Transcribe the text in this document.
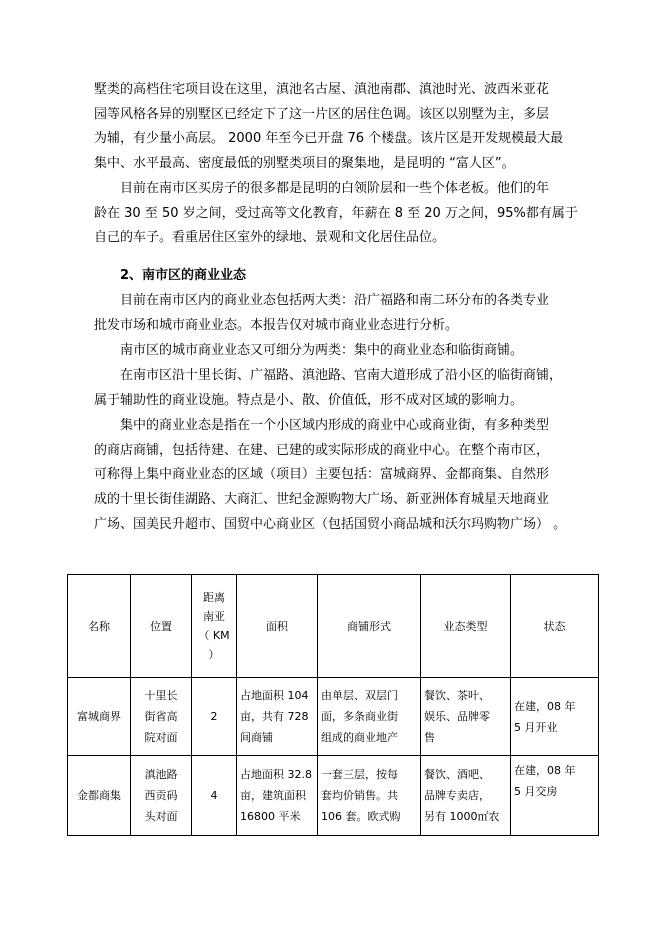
墅类的高档住宅项目设在这里，滇池名古屋、滇池南郡、滇池时光、波西米亚花
园等风格各异的别墅区已经定下了这一片区的居住色调。该区以别墅为主，多层
为辅，有少量小高层。 2000 年至今已开盘 76 个楼盘。该片区是开发规模最大最
集中、水平最高、密度最低的别墅类项目的聚集地，是昆明的 “富人区”。

目前在南市区买房子的很多都是昆明的白领阶层和一些个体老板。他们的年
龄在 30 至 50 岁之间，受过高等文化教育，年薪在 8 至 20 万之间，95%都有属于
自己的车子。看重居住区室外的绿地、景观和文化居住品位。

2、南市区的商业业态

目前在南市区内的商业业态包括两大类：沿广福路和南二环分布的各类专业
批发市场和城市商业业态。本报告仅对城市商业业态进行分析。

南市区的城市商业业态又可细分为两类：集中的商业业态和临街商铺。

在南市区沿十里长街、广福路、滇池路、官南大道形成了沿小区的临街商铺，
属于辅助性的商业设施。特点是小、散、价值低，形不成对区域的影响力。

集中的商业业态是指在一个小区域内形成的商业中心或商业街，有多种类型
的商店商铺，包括待建、在建、已建的或实际形成的商业中心。在整个南市区，
可称得上集中商业业态的区域（项目）主要包括：富城商界、金都商集、自然形
成的十里长街佳湖路、大商汇、世纪金源购物大广场、新亚洲体育城星天地商业
广场、国美民升超市、国贸中心商业区（包括国贸小商品城和沃尔玛购物广场） 。

名称	位置	距离
南亚
（ KM
）	面积	商铺形式	业态类型	状态
富城商界	十里长
街省高
院对面	2	占地面积 104
亩，共有 728
间商铺	由单层、双层门
面，多条商业街
组成的商业地产	餐饮、茶叶、
娱乐、品牌零
售	在建，08 年
5 月开业

金都商集	滇池路
西贡码
头对面	4	占地面积 32.8
亩，建筑面积
16800 平米	一套三层，按每
套均价销售。共
106 套。欧式购	餐饮、酒吧、
品牌专卖店，
另有 1000㎡农	在建，08 年
5 月交房
